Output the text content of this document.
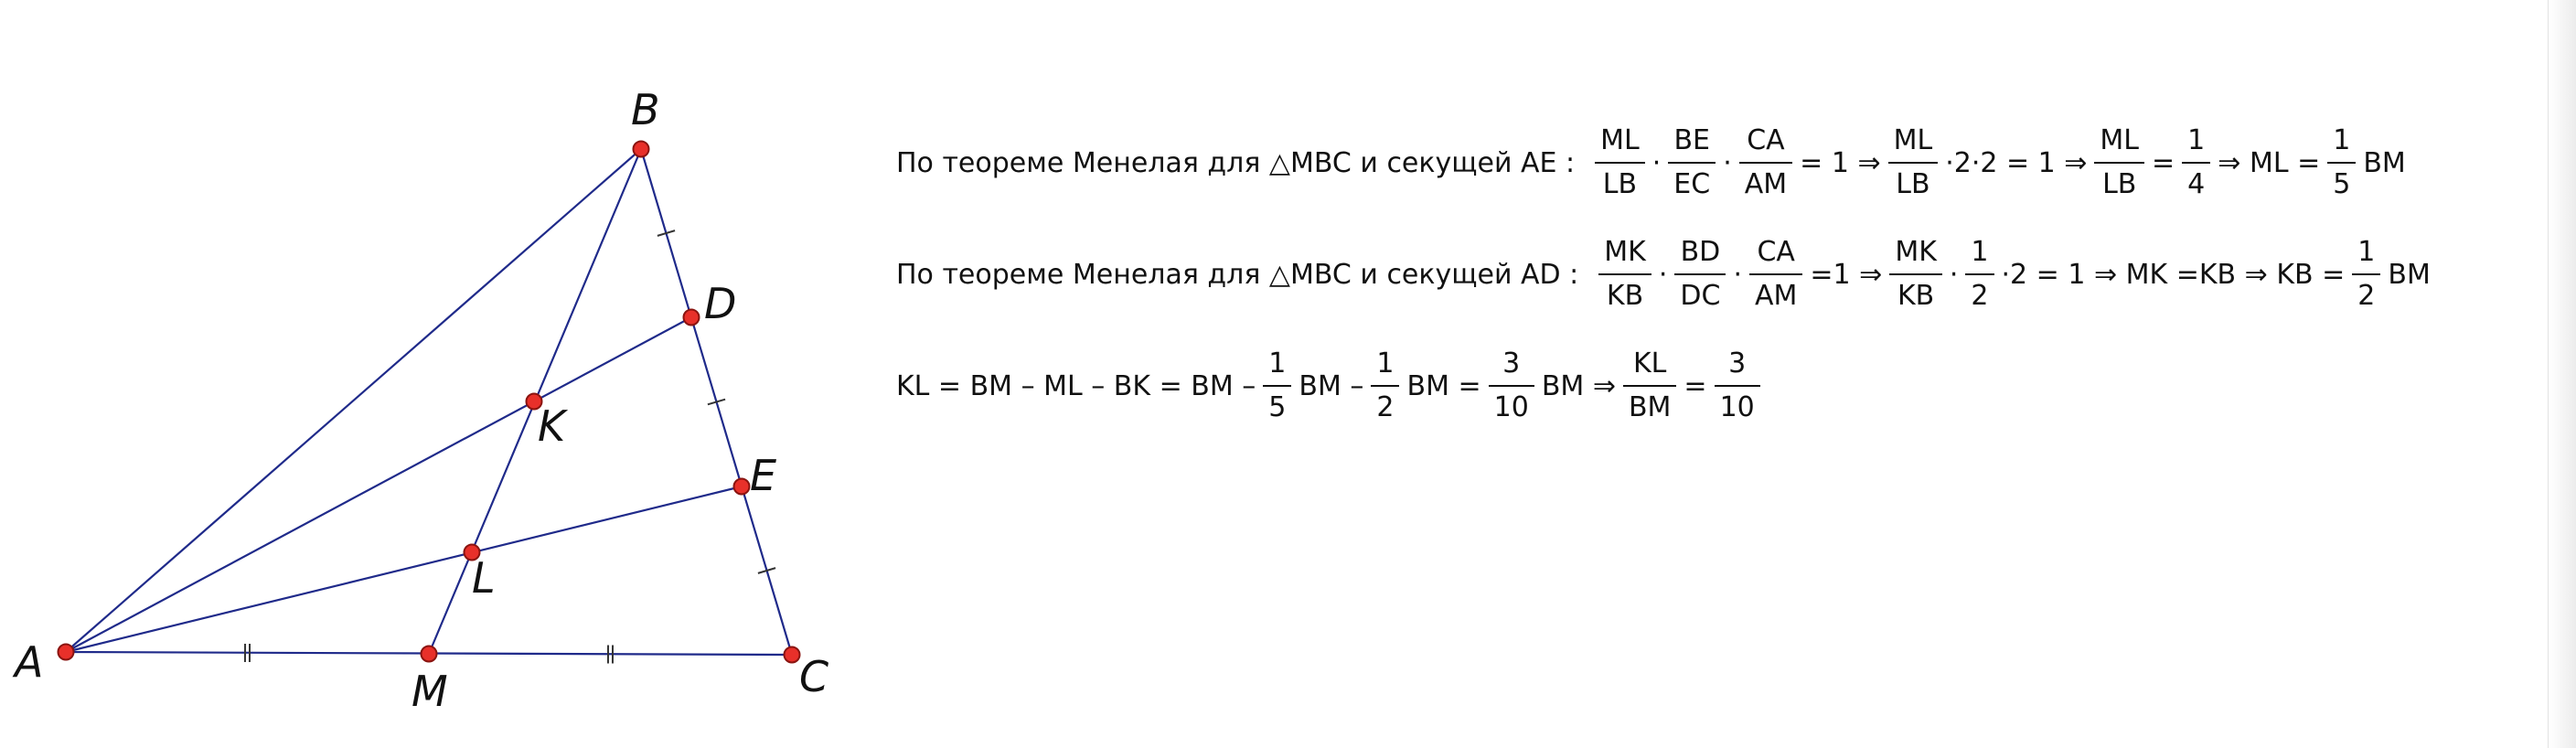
A
B
C
D
E
K
L
M
По теореме Менелая для △MBC и секущей AE : $\frac{ML}{LB} \cdot \frac{BE}{EC} \cdot \frac{CA}{AM} = 1$ ⇒ $\frac{ML}{LB} \cdot 2\cdot 2 = 1$ ⇒ $\frac{ML}{LB} = \frac{1}{4}$ ⇒ ML = $\frac{1}{5}$ BM
По теореме Менелая для △MBC и секущей AD : $\frac{MK}{KB} \cdot \frac{BD}{DC} \cdot \frac{CA}{AM} =1$ ⇒ $\frac{MK}{KB} \cdot \frac{1}{2} \cdot 2 = 1$ ⇒ MK =KB ⇒ KB = $\frac{1}{2}$ BM
KL = BM – ML – BK = BM – $\frac{1}{5}$ BM – $\frac{1}{2}$ BM = $\frac{3}{10}$ BM ⇒ $\frac{KL}{BM} = \frac{3}{10}$
